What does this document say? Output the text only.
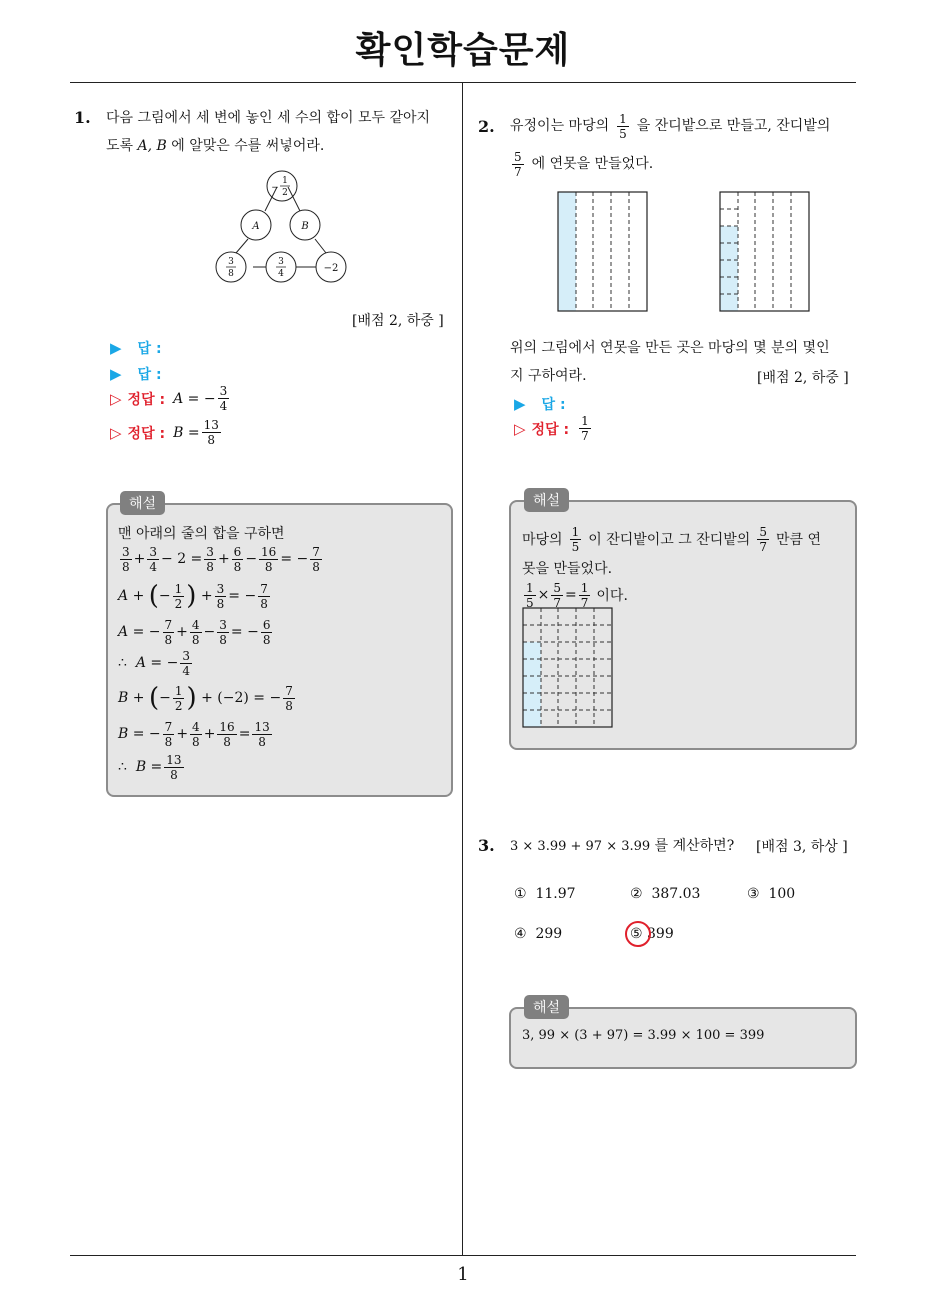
확인학습문제
1. 다음 그림에서 세 변에 놓인 세 수의 합이 모두 같아지
도록 A, B 에 알맞은 수를 써넣어라.
−
1
2
A	B
3
8
3
4	−2
[배점 2, 하중 ]
▶ 답 :
▶ 답 :
▷ 정답 : A
= − $\frac{3}{4}$
▷ 정답 : B
= $\frac{13}{8}$
해설
맨 아래의 줄의 합을 구하면
$\frac{3}{8} + \frac{3}{4} - 2 = \frac{3}{8} + \frac{6}{8} - \frac{16}{8}$ = − $\frac{7}{8}$
A + ( − $\frac{1}{2}$ ) + $\frac{3}{8}$ = − $\frac{7}{8}$
A = − $\frac{7}{8} + \frac{4}{8} - \frac{3}{8}$ = − $\frac{6}{8}$
∴ A = − $\frac{3}{4}$
B + ( − $\frac{1}{2}$ ) + (−2) = − $\frac{7}{8}$
B = − $\frac{7}{8} + \frac{4}{8} + \frac{16}{8} = \frac{13}{8}$
∴ $B = \frac{13}{8}$
2. 유정이는 마당의 $\frac{1}{5}$ 을 잔디밭으로 만들고, 잔디밭의
$\frac{5}{7}$ 에 연못을 만들었다.
위의 그림에서 연못을 만든 곳은 마당의 몇 분의 몇인
지 구하여라.	[배점 2, 하중 ]
▶ 답 :
▷ 정답 : $\frac{1}{7}$
해설
마당의 $\frac{1}{5}$ 이 잔디밭이고 그 잔디밭의 $\frac{5}{7}$ 만큼 연
못을 만들었다.
$\frac{1}{5} \times \frac{5}{7} = \frac{1}{7}$ 이다.
3. 3 × 3.99 + 97 × 3.99 를 계산하면? [배점 3, 하상 ]
① 11.97	② 387.03	③ 100
④ 299	⑤ 399
해설
3, 99 × (3 + 97) = 3.99 × 100 = 399
1
